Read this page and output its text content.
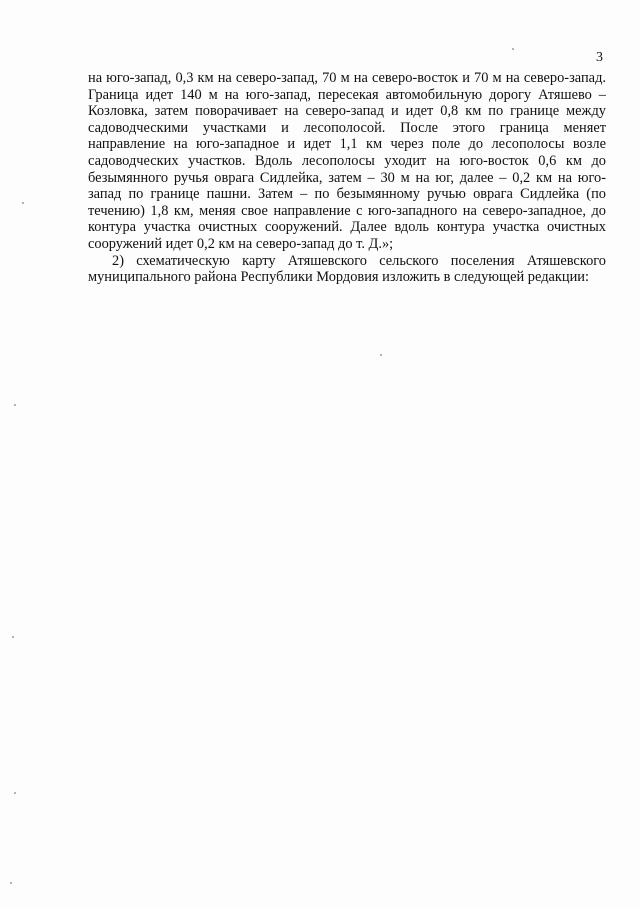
3

на юго-запад, 0,3 км на северо-запад, 70 м на северо-восток и 70 м на северо-запад. Граница идет 140 м на юго-запад, пересекая автомобильную дорогу Атяшево – Козловка, затем поворачивает на северо-запад и идет 0,8 км по границе между садоводческими участками и лесополосой. После этого граница меняет направление на юго-западное и идет 1,1 км через поле до лесополосы возле садоводческих участков. Вдоль лесополосы уходит на юго-восток 0,6 км до безымянного ручья оврага Сидлейка, затем – 30 м на юг, далее – 0,2 км на юго-запад по границе пашни. Затем – по безымянному ручью оврага Сидлейка (по течению) 1,8 км, меняя свое направление с юго-западного на северо-западное, до контура участка очистных сооружений. Далее вдоль контура участка очистных сооружений идет 0,2 км на северо-запад до т. Д.»;

2) схематическую карту Атяшевского сельского поселения Атяшевского муниципального района Республики Мордовия изложить в следующей редакции:
